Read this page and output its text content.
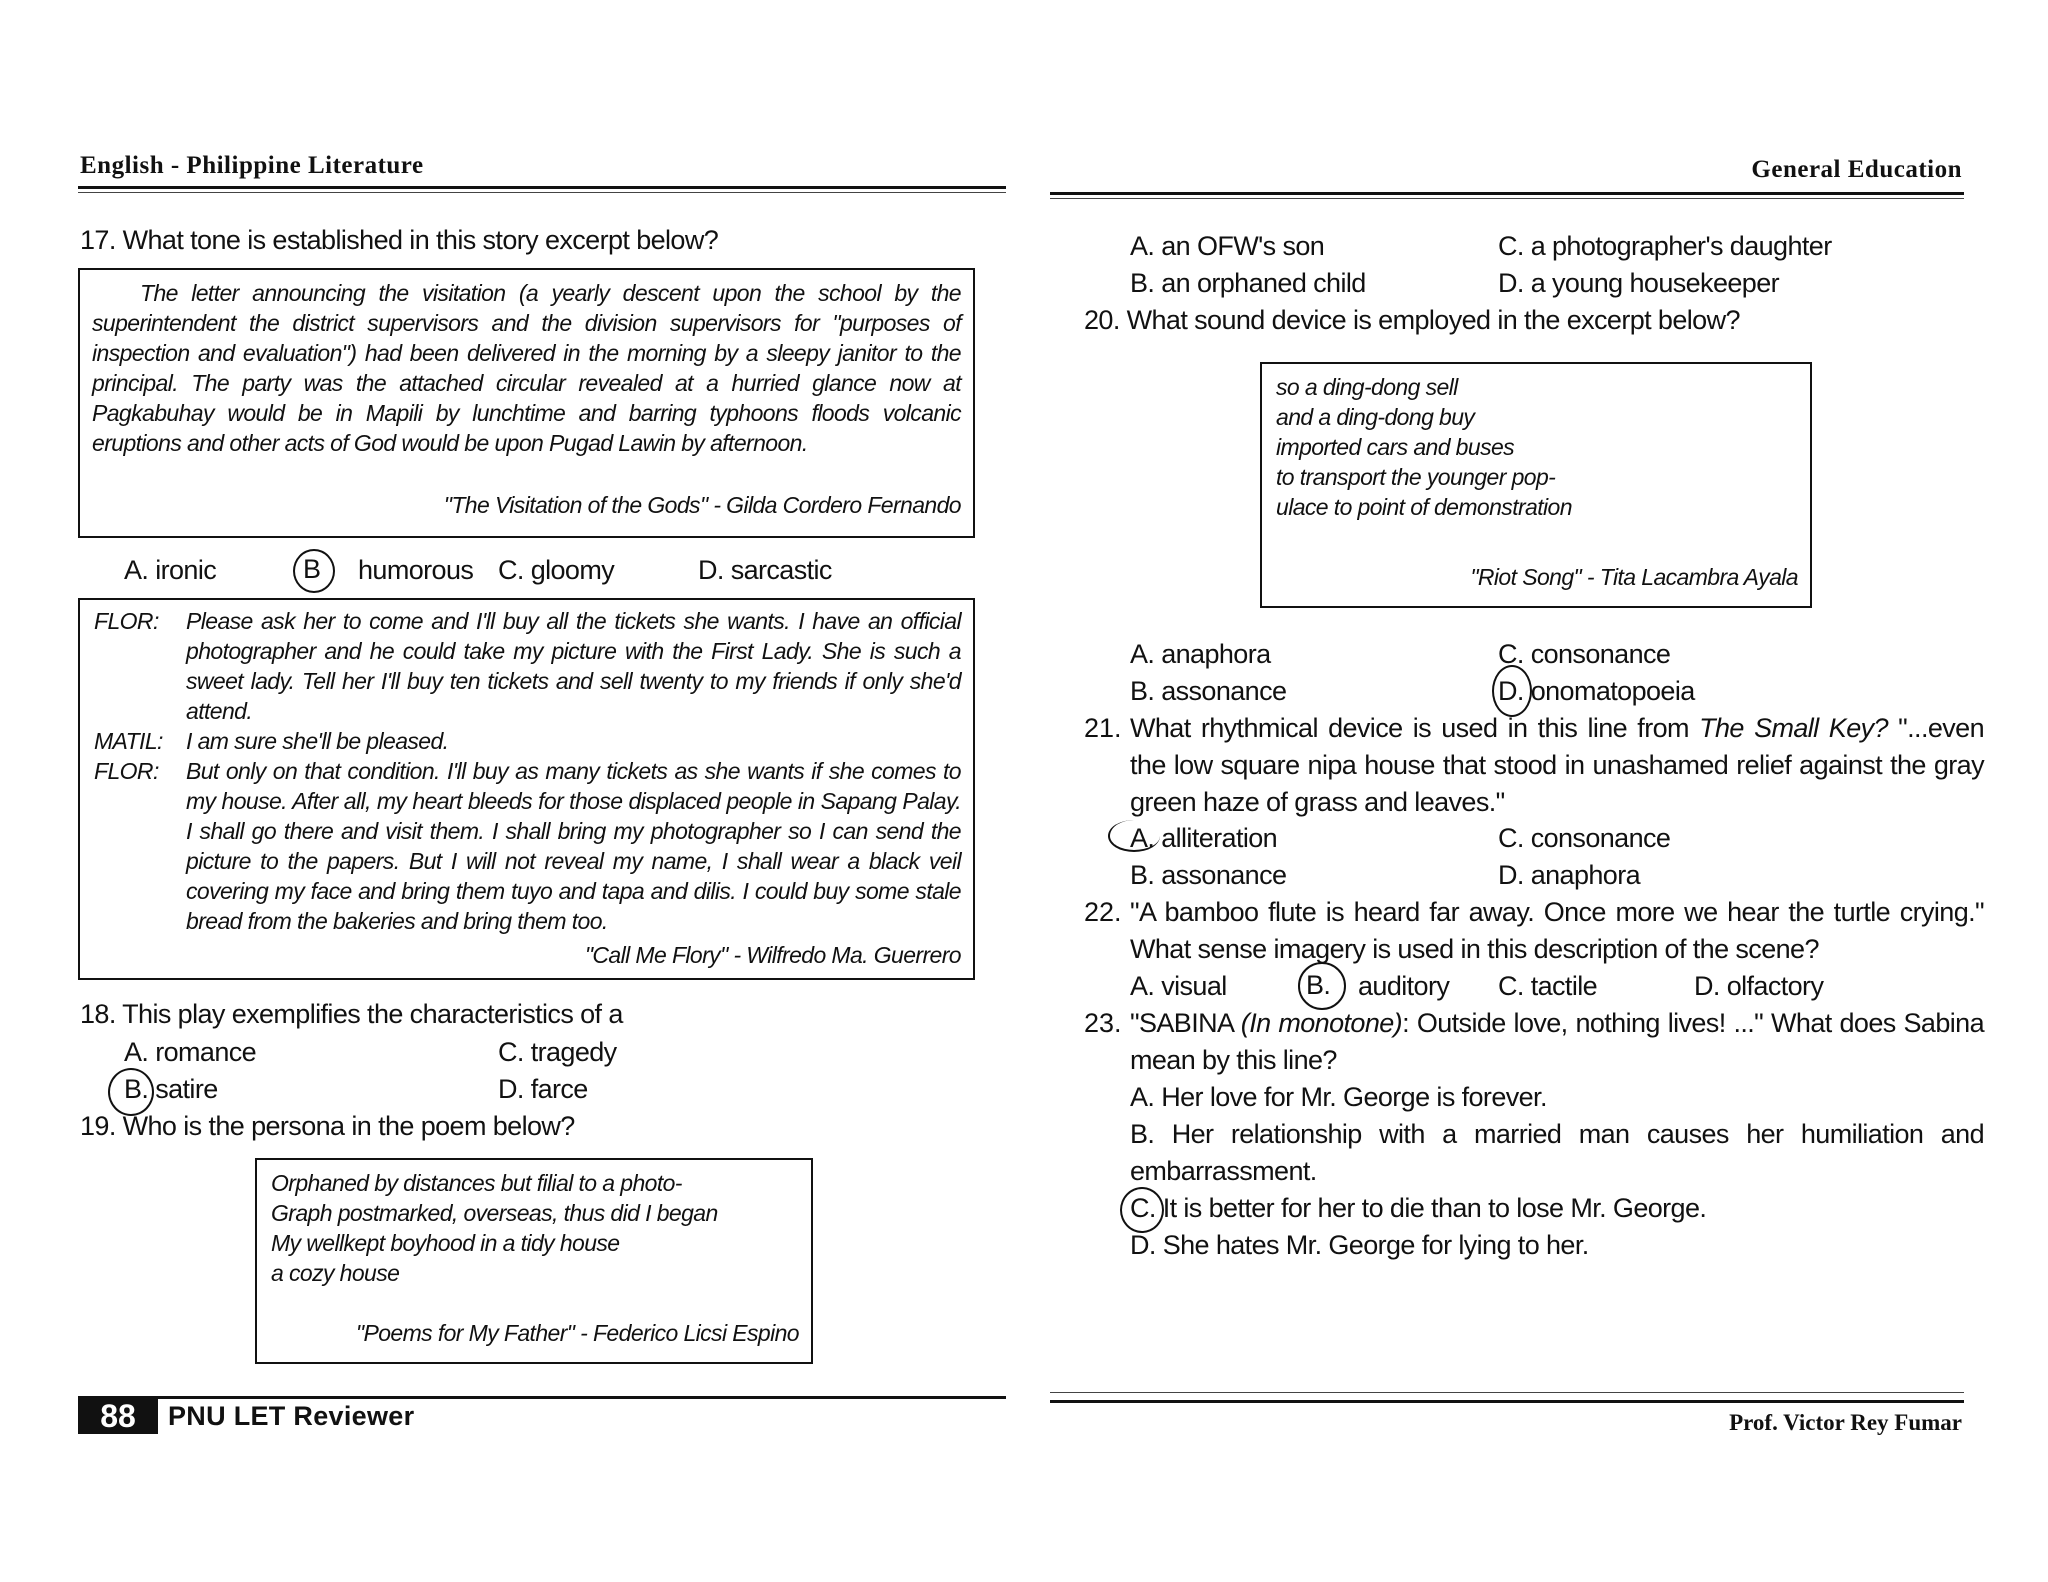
English - Philippine Literature	General Education
17. What tone is established in this story excerpt below?
The letter announcing the visitation (a yearly descent upon the school by the superintendent the district supervisors and the division supervisors for "purposes of inspection and evaluation") had been delivered in the morning by a sleepy janitor to the principal. The party was the attached circular revealed at a hurried glance now at Pagkabuhay would be in Mapili by lunchtime and barring typhoons floods volcanic eruptions and other acts of God would be upon Pugad Lawin by afternoon.
"The Visitation of the Gods" - Gilda Cordero Fernando
A. ironic	B humorous C. gloomy	D. sarcastic
FLOR:	Please ask her to come and I'll buy all the tickets she wants. I have an official photographer and he could take my picture with the First Lady. She is such a sweet lady. Tell her I'll buy ten tickets and sell twenty to my friends if only she'd attend.
MATIL:	I am sure she'll be pleased.
FLOR:	But only on that condition. I'll buy as many tickets as she wants if she comes to my house. After all, my heart bleeds for those displaced people in Sapang Palay. I shall go there and visit them. I shall bring my photographer so I can send the picture to the papers. But I will not reveal my name, I shall wear a black veil covering my face and bring them tuyo and tapa and dilis. I could buy some stale bread from the bakeries and bring them too.
"Call Me Flory" - Wilfredo Ma. Guerrero
18. This play exemplifies the characteristics of a
A. romance	C. tragedy
B. satire	D. farce
19. Who is the persona in the poem below?
Orphaned by distances but filial to a photo-
Graph postmarked, overseas, thus did I began
My wellkept boyhood in a tidy house
a cozy house
"Poems for My Father" - Federico Licsi Espino
88	PNU LET Reviewer
A. an OFW's son	C. a photographer's daughter
B. an orphaned child	D. a young housekeeper
20. What sound device is employed in the excerpt below?
so a ding-dong sell
and a ding-dong buy
imported cars and buses
to transport the younger pop-
ulace to point of demonstration
"Riot Song" - Tita Lacambra Ayala
A. anaphora	C. consonance
B. assonance	D. onomatopoeia
21. What rhythmical device is used in this line from The Small Key? "...even the low square nipa house that stood in unashamed relief against the gray green haze of grass and leaves."
A. alliteration	C. consonance
B. assonance	D. anaphora
22. "A bamboo flute is heard far away. Once more we hear the turtle crying." What sense imagery is used in this description of the scene?
A. visual	B. auditory C. tactile	D. olfactory
23. "SABINA (In monotone): Outside love, nothing lives! ..." What does Sabina mean by this line?
A. Her love for Mr. George is forever.
B. Her relationship with a married man causes her humiliation and embarrassment.
C. It is better for her to die than to lose Mr. George.
D. She hates Mr. George for lying to her.
Prof. Victor Rey Fumar
